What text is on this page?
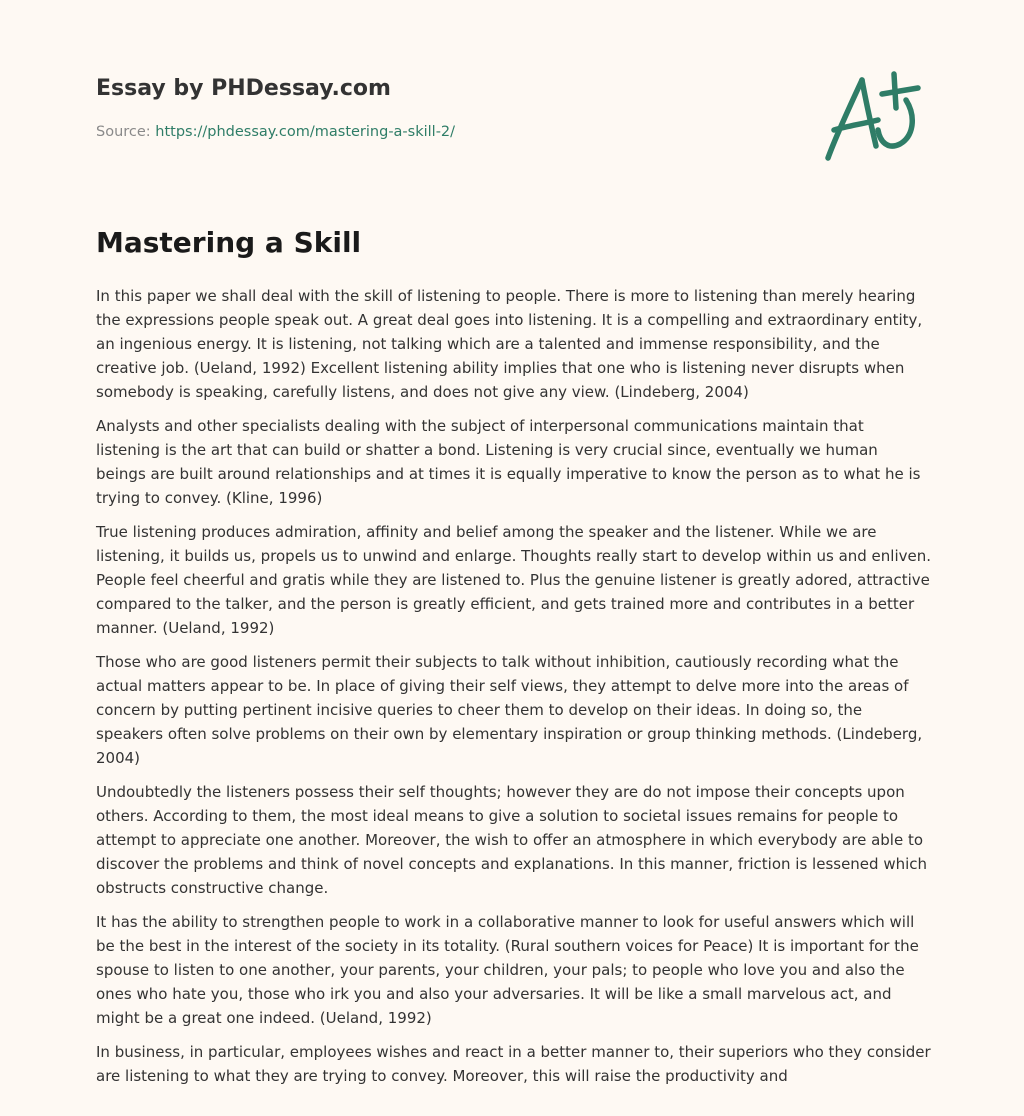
Essay by PHDessay.com
Source: https://phdessay.com/mastering-a-skill-2/
Mastering a Skill

In this paper we shall deal with the skill of listening to people. There is more to listening than merely hearing the expressions people speak out. A great deal goes into listening. It is a compelling and extraordinary entity, an ingenious energy. It is listening, not talking which are a talented and immense responsibility, and the creative job. (Ueland, 1992) Excellent listening ability implies that one who is listening never disrupts when somebody is speaking, carefully listens, and does not give any view. (Lindeberg, 2004)

Analysts and other specialists dealing with the subject of interpersonal communications maintain that listening is the art that can build or shatter a bond. Listening is very crucial since, eventually we human beings are built around relationships and at times it is equally imperative to know the person as to what he is trying to convey. (Kline, 1996)

True listening produces admiration, affinity and belief among the speaker and the listener. While we are listening, it builds us, propels us to unwind and enlarge. Thoughts really start to develop within us and enliven. People feel cheerful and gratis while they are listened to. Plus the genuine listener is greatly adored, attractive compared to the talker, and the person is greatly efficient, and gets trained more and contributes in a better manner. (Ueland, 1992)

Those who are good listeners permit their subjects to talk without inhibition, cautiously recording what the actual matters appear to be. In place of giving their self views, they attempt to delve more into the areas of concern by putting pertinent incisive queries to cheer them to develop on their ideas. In doing so, the speakers often solve problems on their own by elementary inspiration or group thinking methods. (Lindeberg, 2004)

Undoubtedly the listeners possess their self thoughts; however they are do not impose their concepts upon others. According to them, the most ideal means to give a solution to societal issues remains for people to attempt to appreciate one another. Moreover, the wish to offer an atmosphere in which everybody are able to discover the problems and think of novel concepts and explanations. In this manner, friction is lessened which obstructs constructive change.

It has the ability to strengthen people to work in a collaborative manner to look for useful answers which will be the best in the interest of the society in its totality. (Rural southern voices for Peace) It is important for the spouse to listen to one another, your parents, your children, your pals; to people who love you and also the ones who hate you, those who irk you and also your adversaries. It will be like a small marvelous act, and might be a great one indeed. (Ueland, 1992)

In business, in particular, employees wishes and react in a better manner to, their superiors who they consider are listening to what they are trying to convey. Moreover, this will raise the productivity and
